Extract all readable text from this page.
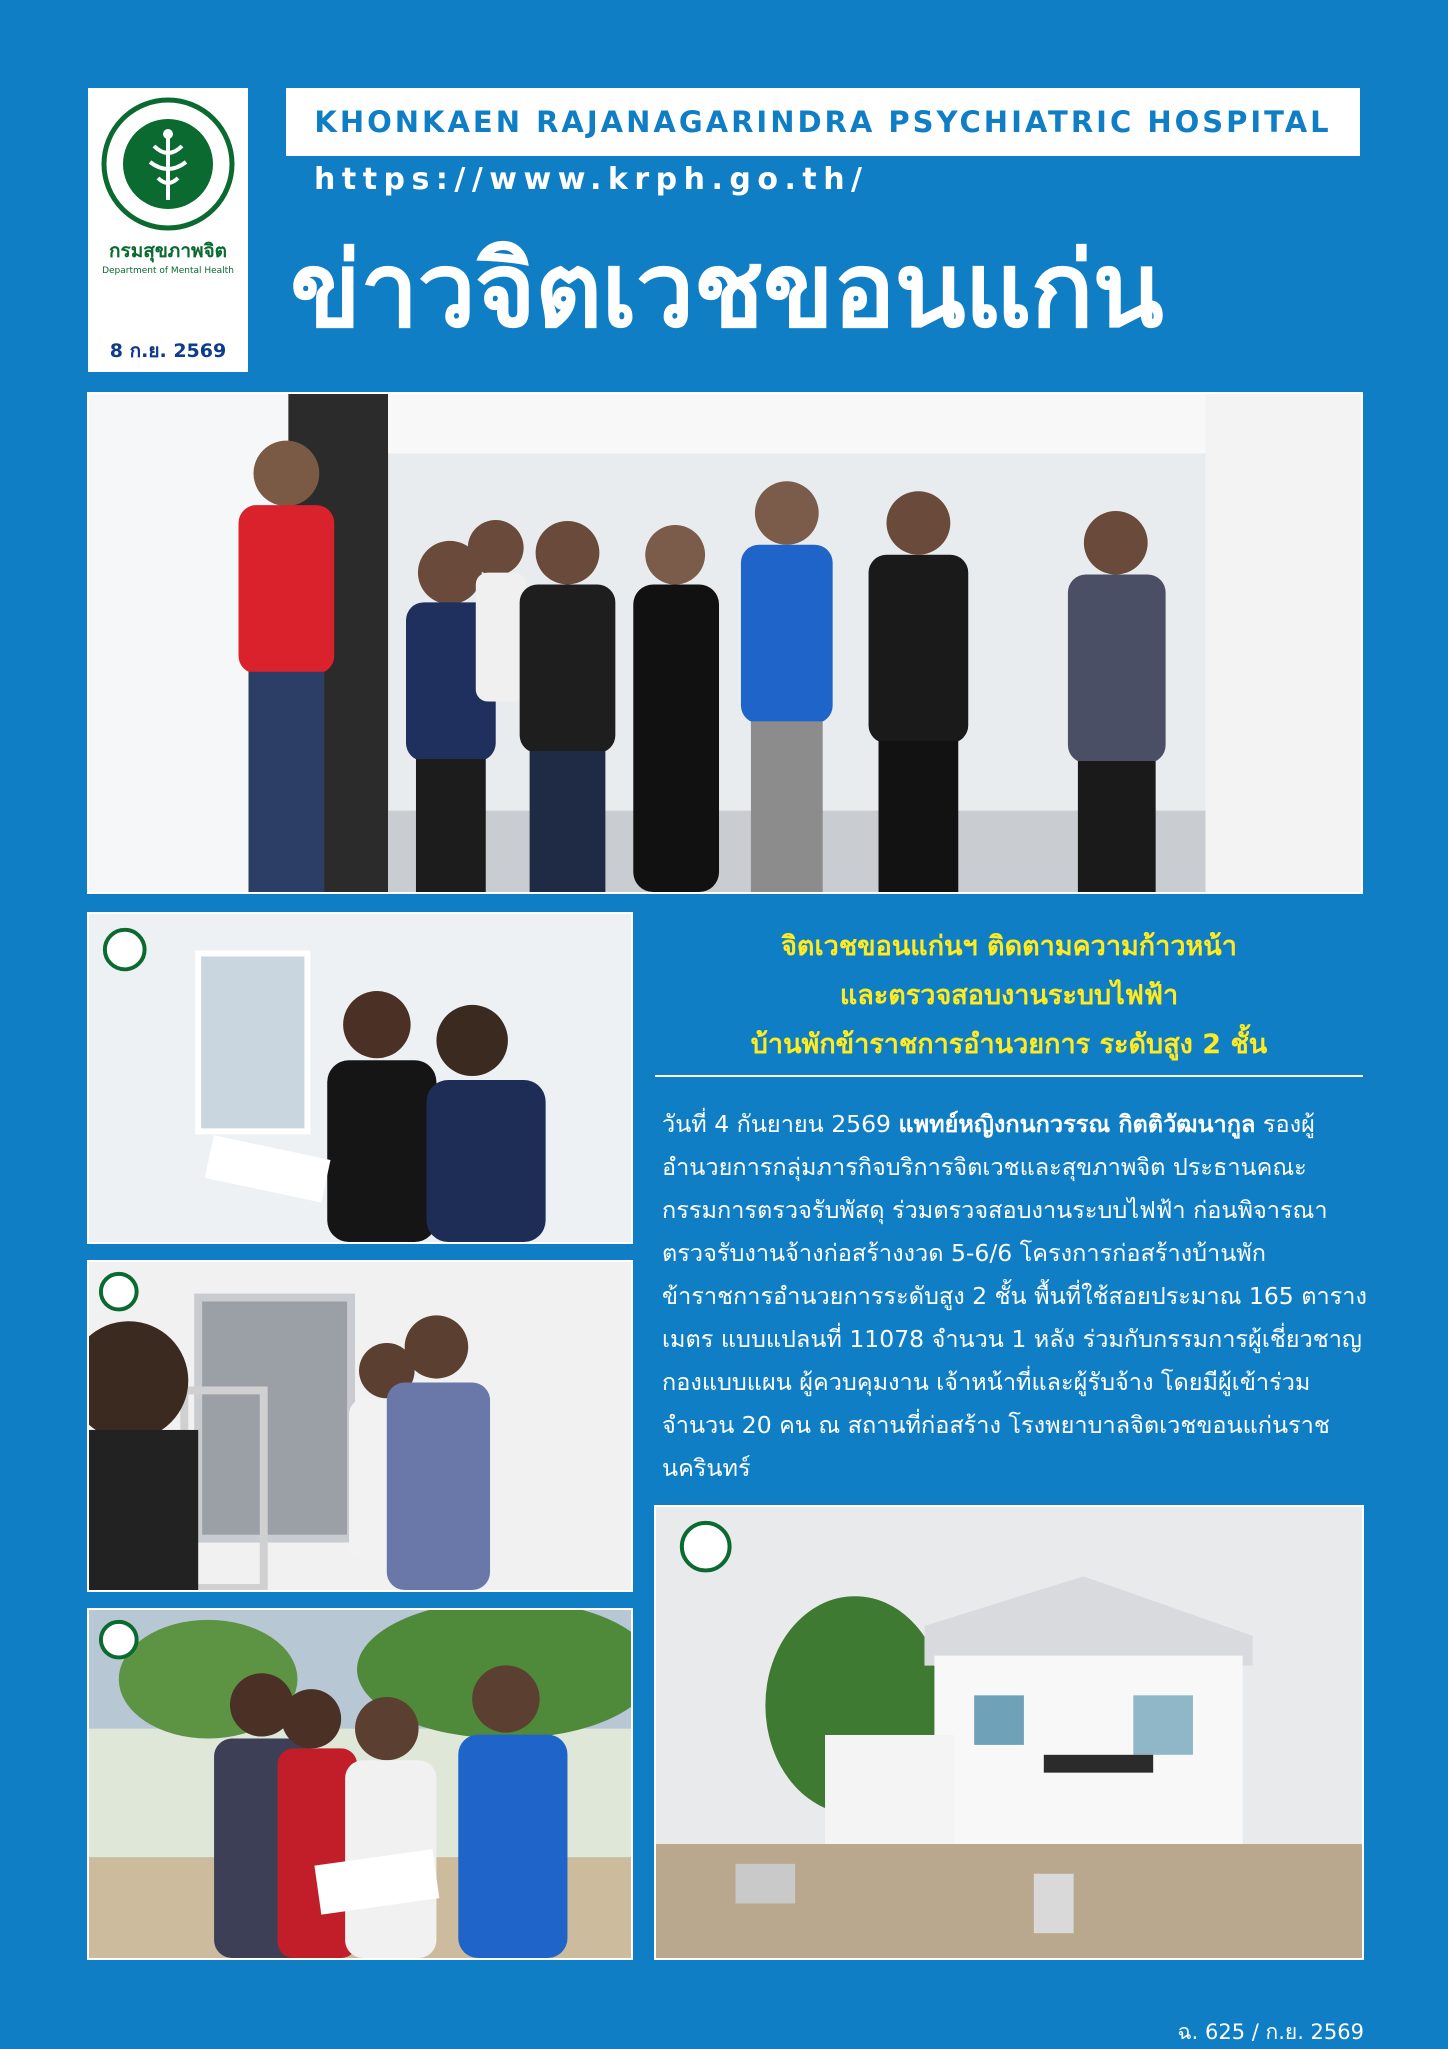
กรมสุขภาพจิต
Department of Mental Health
8 ก.ย. 2569
KHONKAEN RAJANAGARINDRA PSYCHIATRIC HOSPITAL
https://www.krph.go.th/
ข่าวจิตเวชขอนแก่น
จิตเวชขอนแก่นฯ ติดตามความก้าวหน้า
และตรวจสอบงานระบบไฟฟ้า
บ้านพักข้าราชการอำนวยการ ระดับสูง 2 ชั้น
วันที่ 4 กันยายน 2569 แพทย์หญิงกนกวรรณ กิตติวัฒนากูล รองผู้อำนวยการกลุ่มภารกิจบริการจิตเวชและสุขภาพจิต ประธานคณะกรรมการตรวจรับพัสดุ ร่วมตรวจสอบงานระบบไฟฟ้า ก่อนพิจารณาตรวจรับงานจ้างก่อสร้างงวด 5-6/6 โครงการก่อสร้างบ้านพักข้าราชการอำนวยการระดับสูง 2 ชั้น พื้นที่ใช้สอยประมาณ 165 ตารางเมตร แบบแปลนที่ 11078 จำนวน 1 หลัง ร่วมกับกรรมการผู้เชี่ยวชาญกองแบบแผน ผู้ควบคุมงาน เจ้าหน้าที่และผู้รับจ้าง โดยมีผู้เข้าร่วมจำนวน 20 คน ณ สถานที่ก่อสร้าง โรงพยาบาลจิตเวชขอนแก่นราชนครินทร์
ฉ. 625 / ก.ย. 2569
